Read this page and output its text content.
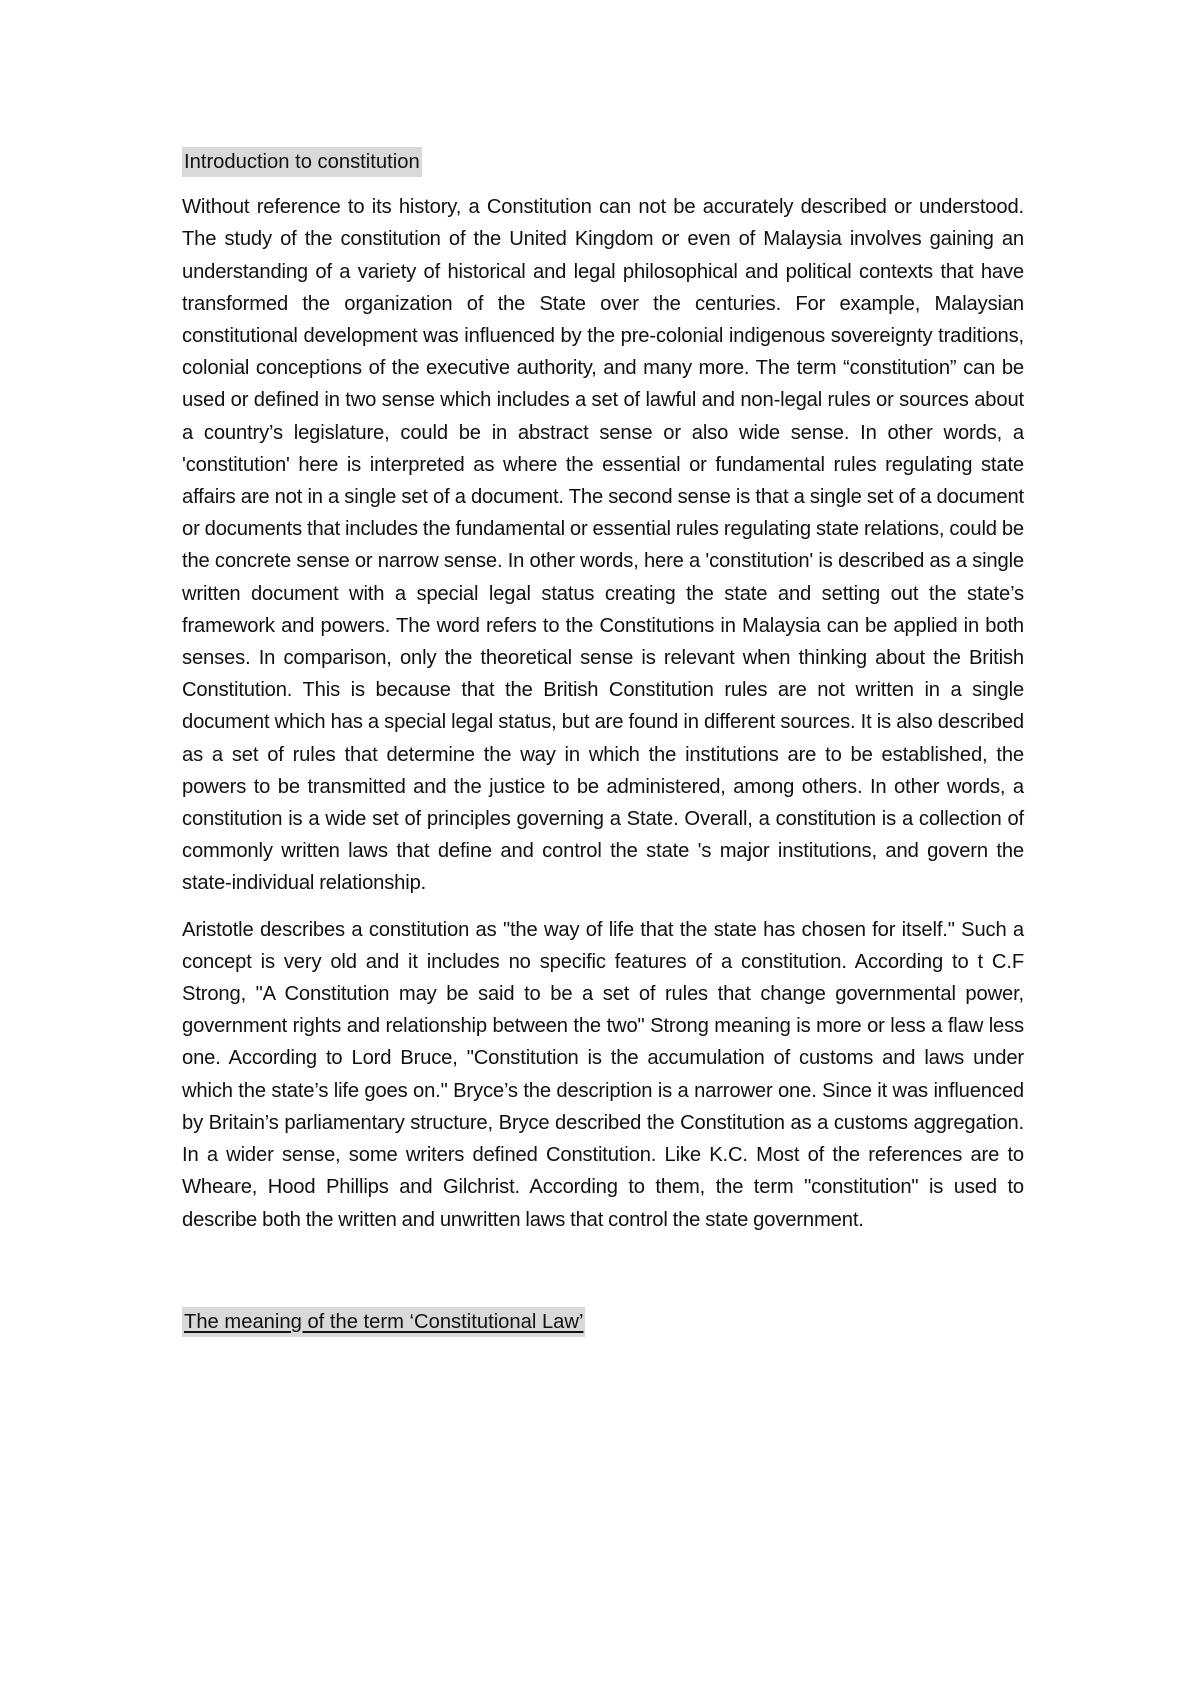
Introduction to constitution

Without reference to its history, a Constitution can not be accurately described or understood. The study of the constitution of the United Kingdom or even of Malaysia involves gaining an understanding of a variety of historical and legal philosophical and political contexts that have transformed the organization of the State over the centuries. For example, Malaysian constitutional development was influenced by the pre-colonial indigenous sovereignty traditions, colonial conceptions of the executive authority, and many more. The term “constitution” can be used or defined in two sense which includes a set of lawful and non-legal rules or sources about a country’s legislature, could be in abstract sense or also wide sense. In other words, a 'constitution' here is interpreted as where the essential or fundamental rules regulating state affairs are not in a single set of a document. The second sense is that a single set of a document or documents that includes the fundamental or essential rules regulating state relations, could be the concrete sense or narrow sense. In other words, here a 'constitution' is described as a single written document with a special legal status creating the state and setting out the state’s framework and powers. The word refers to the Constitutions in Malaysia can be applied in both senses. In comparison, only the theoretical sense is relevant when thinking about the British Constitution. This is because that the British Constitution rules are not written in a single document which has a special legal status, but are found in different sources. It is also described as a set of rules that determine the way in which the institutions are to be established, the powers to be transmitted and the justice to be administered, among others. In other words, a constitution is a wide set of principles governing a State. Overall, a constitution is a collection of commonly written laws that define and control the state 's major institutions, and govern the state-individual relationship.

Aristotle describes a constitution as "the way of life that the state has chosen for itself." Such a concept is very old and it includes no specific features of a constitution. According to t C.F Strong, "A Constitution may be said to be a set of rules that change governmental power, government rights and relationship between the two" Strong meaning is more or less a flaw less one. According to Lord Bruce, "Constitution is the accumulation of customs and laws under which the state’s life goes on." Bryce’s the description is a narrower one. Since it was influenced by Britain’s parliamentary structure, Bryce described the Constitution as a customs aggregation. In a wider sense, some writers defined Constitution. Like K.C. Most of the references are to Wheare, Hood Phillips and Gilchrist. According to them, the term "constitution" is used to describe both the written and unwritten laws that control the state government.

The meaning of the term ‘Constitutional Law’
